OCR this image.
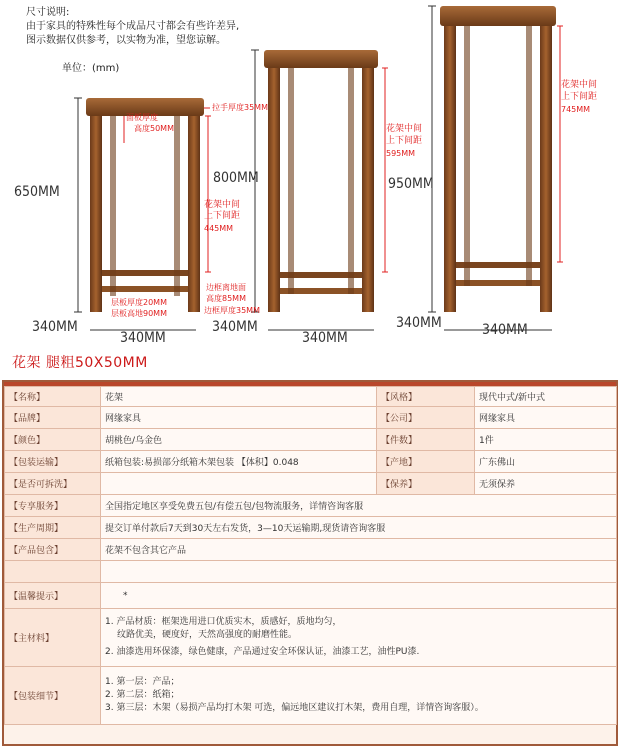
尺寸说明:
由于家具的特殊性每个成品尺寸都会有些许差异,
图示数据仅供参考，以实物为准，望您谅解。
单位：(mm)
650MM
800MM	950MM
340MM
340MM
340MM
340MM
340MM	340MM
面板厚度
高度50MM
拉手厚度35MM
花架中间
上下间距
445MM
边框离地面
高度85MM
边框厚度35MM
层板厚度20MM
层板高地90MM
花架中间
上下间距
595MM
花架中间
上下间距
745MM
花架 腿粗50X50MM
【名称】	花架	【风格】	现代中式/新中式
【品牌】	网缘家具	【公司】	网缘家具
【颜色】	胡桃色/乌金色	【件数】	1件
【包装运输】	纸箱包装:易损部分纸箱木架包装 【体积】0.048	【产地】	广东佛山
【是否可拆洗】		【保养】	无须保养
【专享服务】	全国指定地区享受免费五包/有偿五包/包物流服务，详情咨询客服		
【生产周期】	提交订单付款后7天到30天左右发货，3—10天运输期,现货请咨询客服		
【产品包含】	花架不包含其它产品		

【温馨提示】	*		
【主材料】	1. 产品材质：框架选用进口优质实木，质感好，质地均匀，
纹路优美，硬度好，天然高强度的耐磨性能。
2. 油漆选用环保漆，绿色健康，产品通过安全环保认证，油漆工艺，油性PU漆.		

【包装细节】	1. 第一层：产品；
2. 第二层：纸箱；
3. 第三层：木架（易损产品均打木架 可选，偏远地区建议打木架，费用自理，详情咨询客服）。		
